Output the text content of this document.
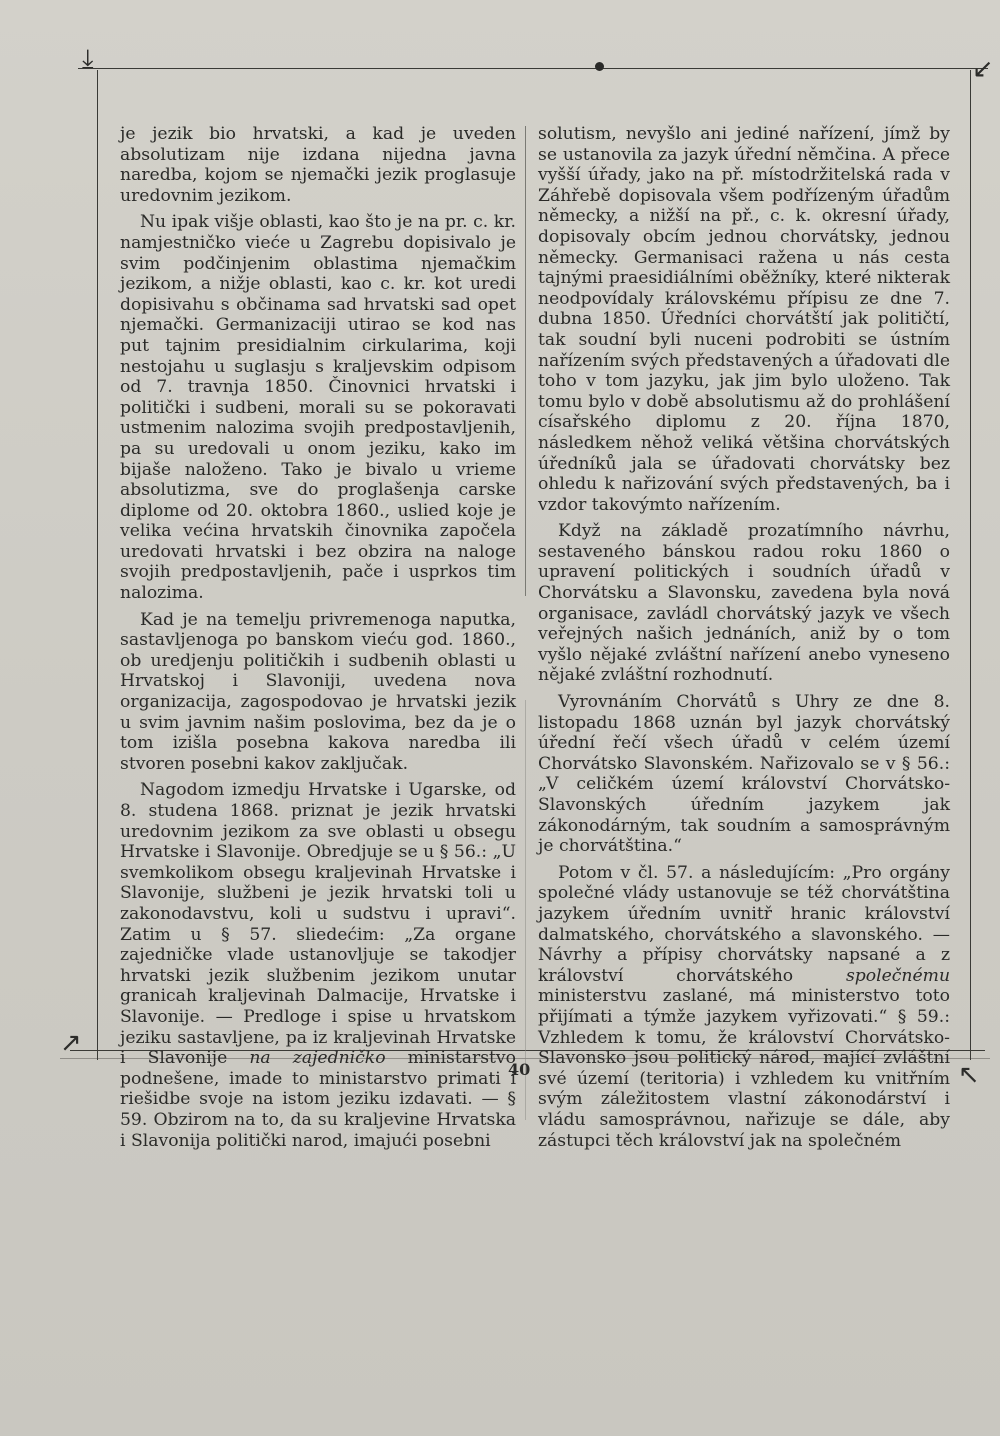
⤓	↙
↗
↖

je jezik bio hrvatski, a kad je uveden absolutizam nije izdana nijedna javna naredba, kojom se njemački jezik proglasuje uredovnim jezikom.

Nu ipak višje oblasti, kao što je na pr. c. kr. namjestničko vieće u Zagrebu dopisivalo je svim podčinjenim oblastima njemačkim jezikom, a nižje oblasti, kao c. kr. kot uredi dopisivahu s občinama sad hrvatski sad opet njemački. Germanizaciji utirao se kod nas put tajnim presidialnim cirkularima, koji nestojahu u suglasju s kraljevskim odpisom od 7. travnja 1850. Činovnici hrvatski i politički i sudbeni, morali su se pokoravati ustmenim nalozima svojih predpostavljenih, pa su uredovali u onom jeziku, kako im bijaše naloženo. Tako je bivalo u vrieme absolutizma, sve do proglašenja carske diplome od 20. oktobra 1860., uslied koje je velika većina hrvatskih činovnika započela uredovati hrvatski i bez obzira na naloge svojih predpostavljenih, pače i usprkos tim nalozima.

Kad je na temelju privremenoga naputka, sastavljenoga po banskom vieću god. 1860., ob uredjenju političkih i sudbenih oblasti u Hrvatskoj i Slavoniji, uvedena nova organizacija, zagospodovao je hrvatski jezik u svim javnim našim poslovima, bez da je o tom izišla posebna kakova naredba ili stvoren posebni kakov zaključak.

Nagodom izmedju Hrvatske i Ugarske, od 8. studena 1868. priznat je jezik hrvatski uredovnim jezikom za sve oblasti u obsegu Hrvatske i Slavonije. Obredjuje se u § 56.: „U svemkolikom obsegu kraljevinah Hrvatske i Slavonije, službeni je jezik hrvatski toli u zakonodavstvu, koli u sudstvu i upravi“. Zatim u § 57. sliedećim: „Za organe zajedničke vlade ustanovljuje se takodjer hrvatski jezik službenim jezikom unutar granicah kraljevinah Dalmacije, Hrvatske i Slavonije. — Predloge i spise u hrvatskom jeziku sastavljene, pa iz kraljevinah Hrvatske i Slavonije na zajedničko ministarstvo podnešene, imade to ministarstvo primati i riešidbe svoje na istom jeziku izdavati. — § 59. Obzirom na to, da su kraljevine Hrvatska i Slavonija politički narod, imajući posebni

solutism, nevyšlo ani jediné nařízení, jímž by se ustanovila za jazyk úřední němčina. A přece vyšší úřady, jako na př. místodržitelská rada v Záhřebě dopisovala všem podřízeným úřadům německy, a nižší na př., c. k. okresní úřady, dopisovaly obcím jednou chorvátsky, jednou německy. Germanisaci ražena u nás cesta tajnými praesidiálními oběžníky, které nikterak neodpovídaly královskému přípisu ze dne 7. dubna 1850. Úředníci chorvátští jak političtí, tak soudní byli nuceni podrobiti se ústním nařízením svých představených a úřadovati dle toho v tom jazyku, jak jim bylo uloženo. Tak tomu bylo v době absolutismu až do prohlášení císařského diplomu z 20. října 1870, následkem něhož veliká většina chorvátských úředníků jala se úřadovati chorvátsky bez ohledu k nařizování svých představených, ba i vzdor takovýmto nařízením.

Když na základě prozatímního návrhu, sestaveného bánskou radou roku 1860 o upravení politických i soudních úřadů v Chorvátsku a Slavonsku, zavedena byla nová organisace, zavládl chorvátský jazyk ve všech veřejných našich jednáních, aniž by o tom vyšlo nějaké zvláštní nařízení anebo vyneseno nějaké zvláštní rozhodnutí.

Vyrovnáním Chorvátů s Uhry ze dne 8. listopadu 1868 uznán byl jazyk chorvátský úřední řečí všech úřadů v celém území Chorvátsko Slavonském. Nařizovalo se v § 56.: „V celičkém území království Chorvátsko-Slavonských úředním jazykem jak zákonodárným, tak soudním a samosprávným je chorvátština.“

Potom v čl. 57. a následujícím: „Pro orgány společné vlády ustanovuje se též chorvátština jazykem úředním uvnitř hranic království dalmatského, chorvátského a slavonského. — Návrhy a přípisy chorvátsky napsané a z království chorvátského	společnému ministerstvu zaslané, má ministerstvo toto přijímati a týmže jazykem vyřizovati.“ § 59.: Vzhledem k tomu, že království Chorvátsko-Slavonsko jsou politický národ, mající zvláštní své území (teritoria) i vzhledem ku vnitřním svým záležitostem vlastní zákonodárství i vládu samosprávnou, nařizuje se dále, aby zástupci těch království jak na společném

40
